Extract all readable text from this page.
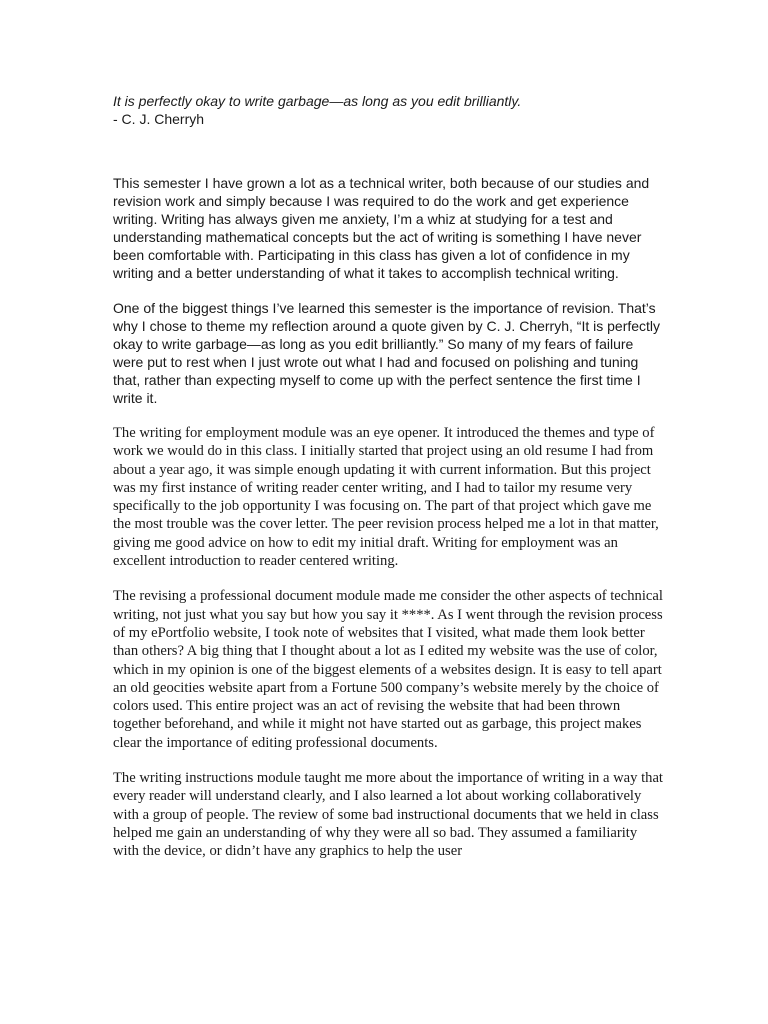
It is perfectly okay to write garbage—as long as you edit brilliantly.
- C. J. Cherryh

This semester I have grown a lot as a technical writer, both because of our studies and revision work and simply because I was required to do the work and get experience writing. Writing has always given me anxiety, I’m a whiz at studying for a test and understanding mathematical concepts but the act of writing is something I have never been comfortable with. Participating in this class has given a lot of confidence in my writing and a better understanding of what it takes to accomplish technical writing.

One of the biggest things I’ve learned this semester is the importance of revision. That’s why I chose to theme my reflection around a quote given by C. J. Cherryh, “It is perfectly okay to write garbage—as long as you edit brilliantly.” So many of my fears of failure were put to rest when I just wrote out what I had and focused on polishing and tuning that, rather than expecting myself to come up with the perfect sentence the first time I write it.

The writing for employment module was an eye opener. It introduced the themes and type of work we would do in this class. I initially started that project using an old resume I had from about a year ago, it was simple enough updating it with current information. But this project was my first instance of writing reader center writing, and I had to tailor my resume very specifically to the job opportunity I was focusing on. The part of that project which gave me the most trouble was the cover letter. The peer revision process helped me a lot in that matter, giving me good advice on how to edit my initial draft. Writing for employment was an excellent introduction to reader centered writing.

The revising a professional document module made me consider the other aspects of technical writing, not just what you say but how you say it ****. As I went through the revision process of my ePortfolio website, I took note of websites that I visited, what made them look better than others? A big thing that I thought about a lot as I edited my website was the use of color, which in my opinion is one of the biggest elements of a websites design. It is easy to tell apart an old geocities website apart from a Fortune 500 company’s website merely by the choice of colors used. This entire project was an act of revising the website that had been thrown together beforehand, and while it might not have started out as garbage, this project makes clear the importance of editing professional documents.

The writing instructions module taught me more about the importance of writing in a way that every reader will understand clearly, and I also learned a lot about working collaboratively with a group of people. The review of some bad instructional documents that we held in class helped me gain an understanding of why they were all so bad. They assumed a familiarity with the device, or didn’t have any graphics to help the user
